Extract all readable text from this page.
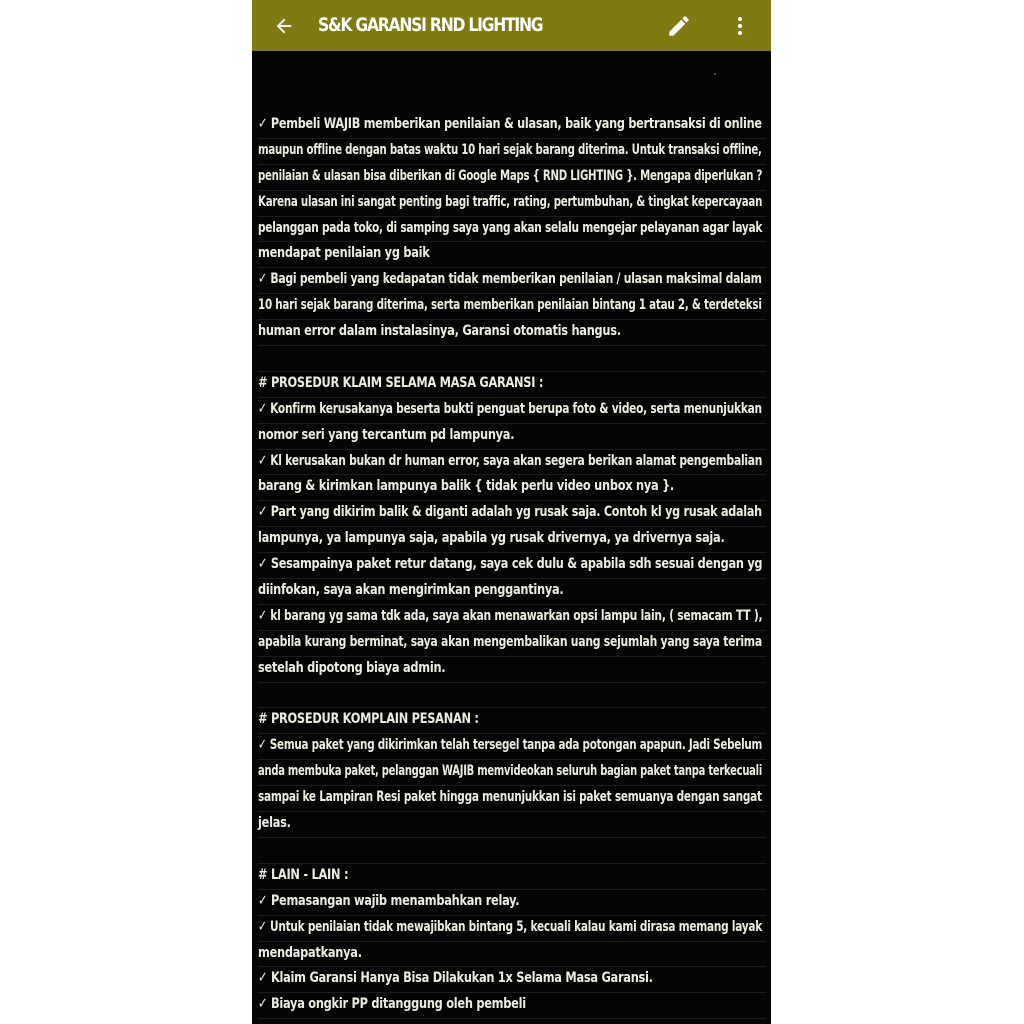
S&K GARANSI RND LIGHTING
✓ Pembeli WAJIB memberikan penilaian & ulasan, baik yang bertransaksi di online
maupun offline dengan batas waktu 10 hari sejak barang diterima. Untuk transaksi offline,
penilaian & ulasan bisa diberikan di Google Maps { RND LIGHTING }. Mengapa diperlukan ?
Karena ulasan ini sangat penting bagi traffic, rating, pertumbuhan, & tingkat kepercayaan
pelanggan pada toko, di samping saya yang akan selalu mengejar pelayanan agar layak
mendapat penilaian yg baik
✓ Bagi pembeli yang kedapatan tidak memberikan penilaian / ulasan maksimal dalam
10 hari sejak barang diterima, serta memberikan penilaian bintang 1 atau 2, & terdeteksi
human error dalam instalasinya, Garansi otomatis hangus.
# PROSEDUR KLAIM SELAMA MASA GARANSI :
✓ Konfirm kerusakanya beserta bukti penguat berupa foto & video, serta menunjukkan
nomor seri yang tercantum pd lampunya.
✓ Kl kerusakan bukan dr human error, saya akan segera berikan alamat pengembalian
barang & kirimkan lampunya balik { tidak perlu video unbox nya }.
✓ Part yang dikirim balik & diganti adalah yg rusak saja. Contoh kl yg rusak adalah
lampunya, ya lampunya saja, apabila yg rusak drivernya, ya drivernya saja.
✓ Sesampainya paket retur datang, saya cek dulu & apabila sdh sesuai dengan yg
diinfokan, saya akan mengirimkan penggantinya.
✓ kl barang yg sama tdk ada, saya akan menawarkan opsi lampu lain, ( semacam TT ),
apabila kurang berminat, saya akan mengembalikan uang sejumlah yang saya terima
setelah dipotong biaya admin.
# PROSEDUR KOMPLAIN PESANAN :
✓ Semua paket yang dikirimkan telah tersegel tanpa ada potongan apapun. Jadi Sebelum
anda membuka paket, pelanggan WAJIB memvideokan seluruh bagian paket tanpa terkecuali
sampai ke Lampiran Resi paket hingga menunjukkan isi paket semuanya dengan sangat
jelas.
# LAIN - LAIN :
✓ Pemasangan wajib menambahkan relay.
✓ Untuk penilaian tidak mewajibkan bintang 5, kecuali kalau kami dirasa memang layak
mendapatkanya.
✓ Klaim Garansi Hanya Bisa Dilakukan 1x Selama Masa Garansi.
✓ Biaya ongkir PP ditanggung oleh pembeli
